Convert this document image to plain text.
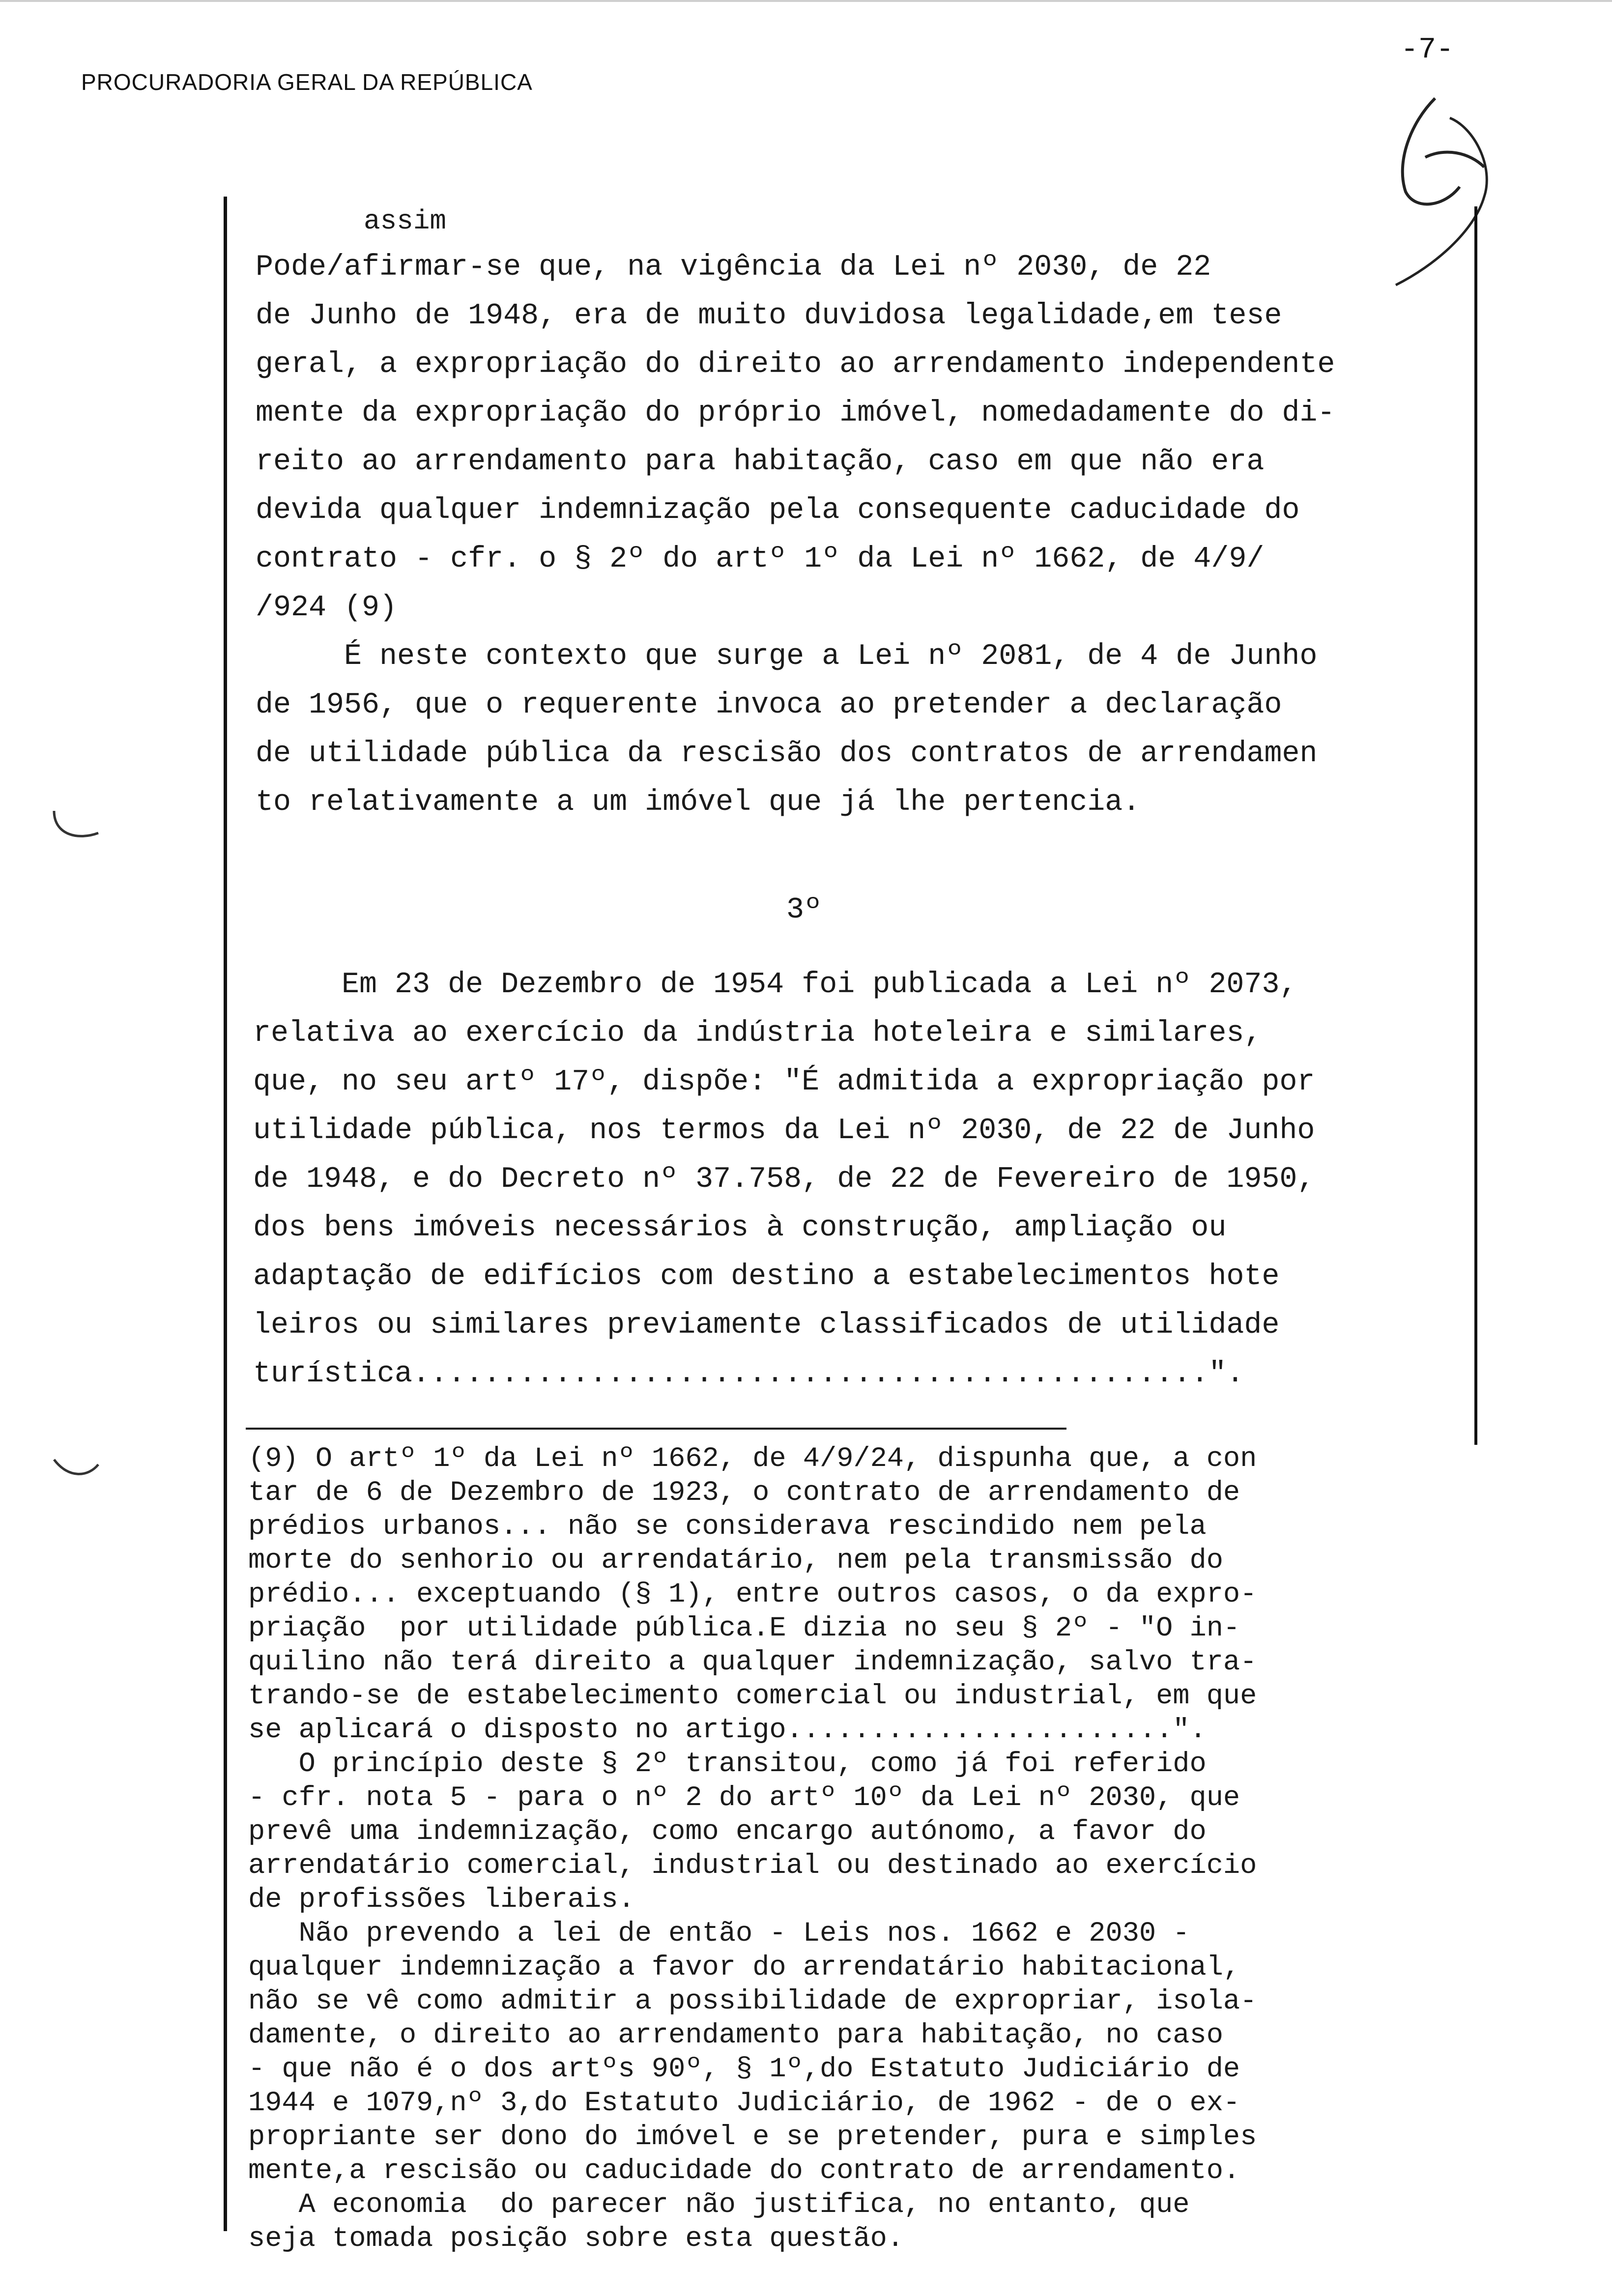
PROCURADORIA GERAL DA REPÚBLICA
-7-
assim
Pode/afirmar-se que, na vigência da Lei nº 2030, de 22
de Junho de 1948, era de muito duvidosa legalidade,em tese
geral, a expropriação do direito ao arrendamento independente
mente da expropriação do próprio imóvel, nomedadamente do di-
reito ao arrendamento para habitação, caso em que não era
devida qualquer indemnização pela consequente caducidade do
contrato - cfr. o § 2º do artº 1º da Lei nº 1662, de 4/9/
/924 (9)
É neste contexto que surge a Lei nº 2081, de 4 de Junho
de 1956, que o requerente invoca ao pretender a declaração
de utilidade pública da rescisão dos contratos de arrendamen
to relativamente a um imóvel que já lhe pertencia.
3º
Em 23 de Dezembro de 1954 foi publicada a Lei nº 2073,
relativa ao exercício da indústria hoteleira e similares,
que, no seu artº 17º, dispõe: "É admitida a expropriação por
utilidade pública, nos termos da Lei nº 2030, de 22 de Junho
de 1948, e do Decreto nº 37.758, de 22 de Fevereiro de 1950,
dos bens imóveis necessários à construção, ampliação ou
adaptação de edifícios com destino a estabelecimentos hote
leiros ou similares previamente classificados de utilidade
turística.............................................".
(9) O artº 1º da Lei nº 1662, de 4/9/24, dispunha que, a con
tar de 6 de Dezembro de 1923, o contrato de arrendamento de
prédios urbanos... não se considerava rescindido nem pela
morte do senhorio ou arrendatário, nem pela transmissão do
prédio... exceptuando (§ 1), entre outros casos, o da expro-
priação  por utilidade pública.E dizia no seu § 2º - "O in-
quilino não terá direito a qualquer indemnização, salvo tra-
trando-se de estabelecimento comercial ou industrial, em que
se aplicará o disposto no artigo.......................".
O princípio deste § 2º transitou, como já foi referido
- cfr. nota 5 - para o nº 2 do artº 10º da Lei nº 2030, que
prevê uma indemnização, como encargo autónomo, a favor do
arrendatário comercial, industrial ou destinado ao exercício
de profissões liberais.
Não prevendo a lei de então - Leis nos. 1662 e 2030 -
qualquer indemnização a favor do arrendatário habitacional,
não se vê como admitir a possibilidade de expropriar, isola-
damente, o direito ao arrendamento para habitação, no caso
- que não é o dos artºs 90º, § 1º,do Estatuto Judiciário de
1944 e 1079,nº 3,do Estatuto Judiciário, de 1962 - de o ex-
propriante ser dono do imóvel e se pretender, pura e simples
mente,a rescisão ou caducidade do contrato de arrendamento.
A economia  do parecer não justifica, no entanto, que
seja tomada posição sobre esta questão.
